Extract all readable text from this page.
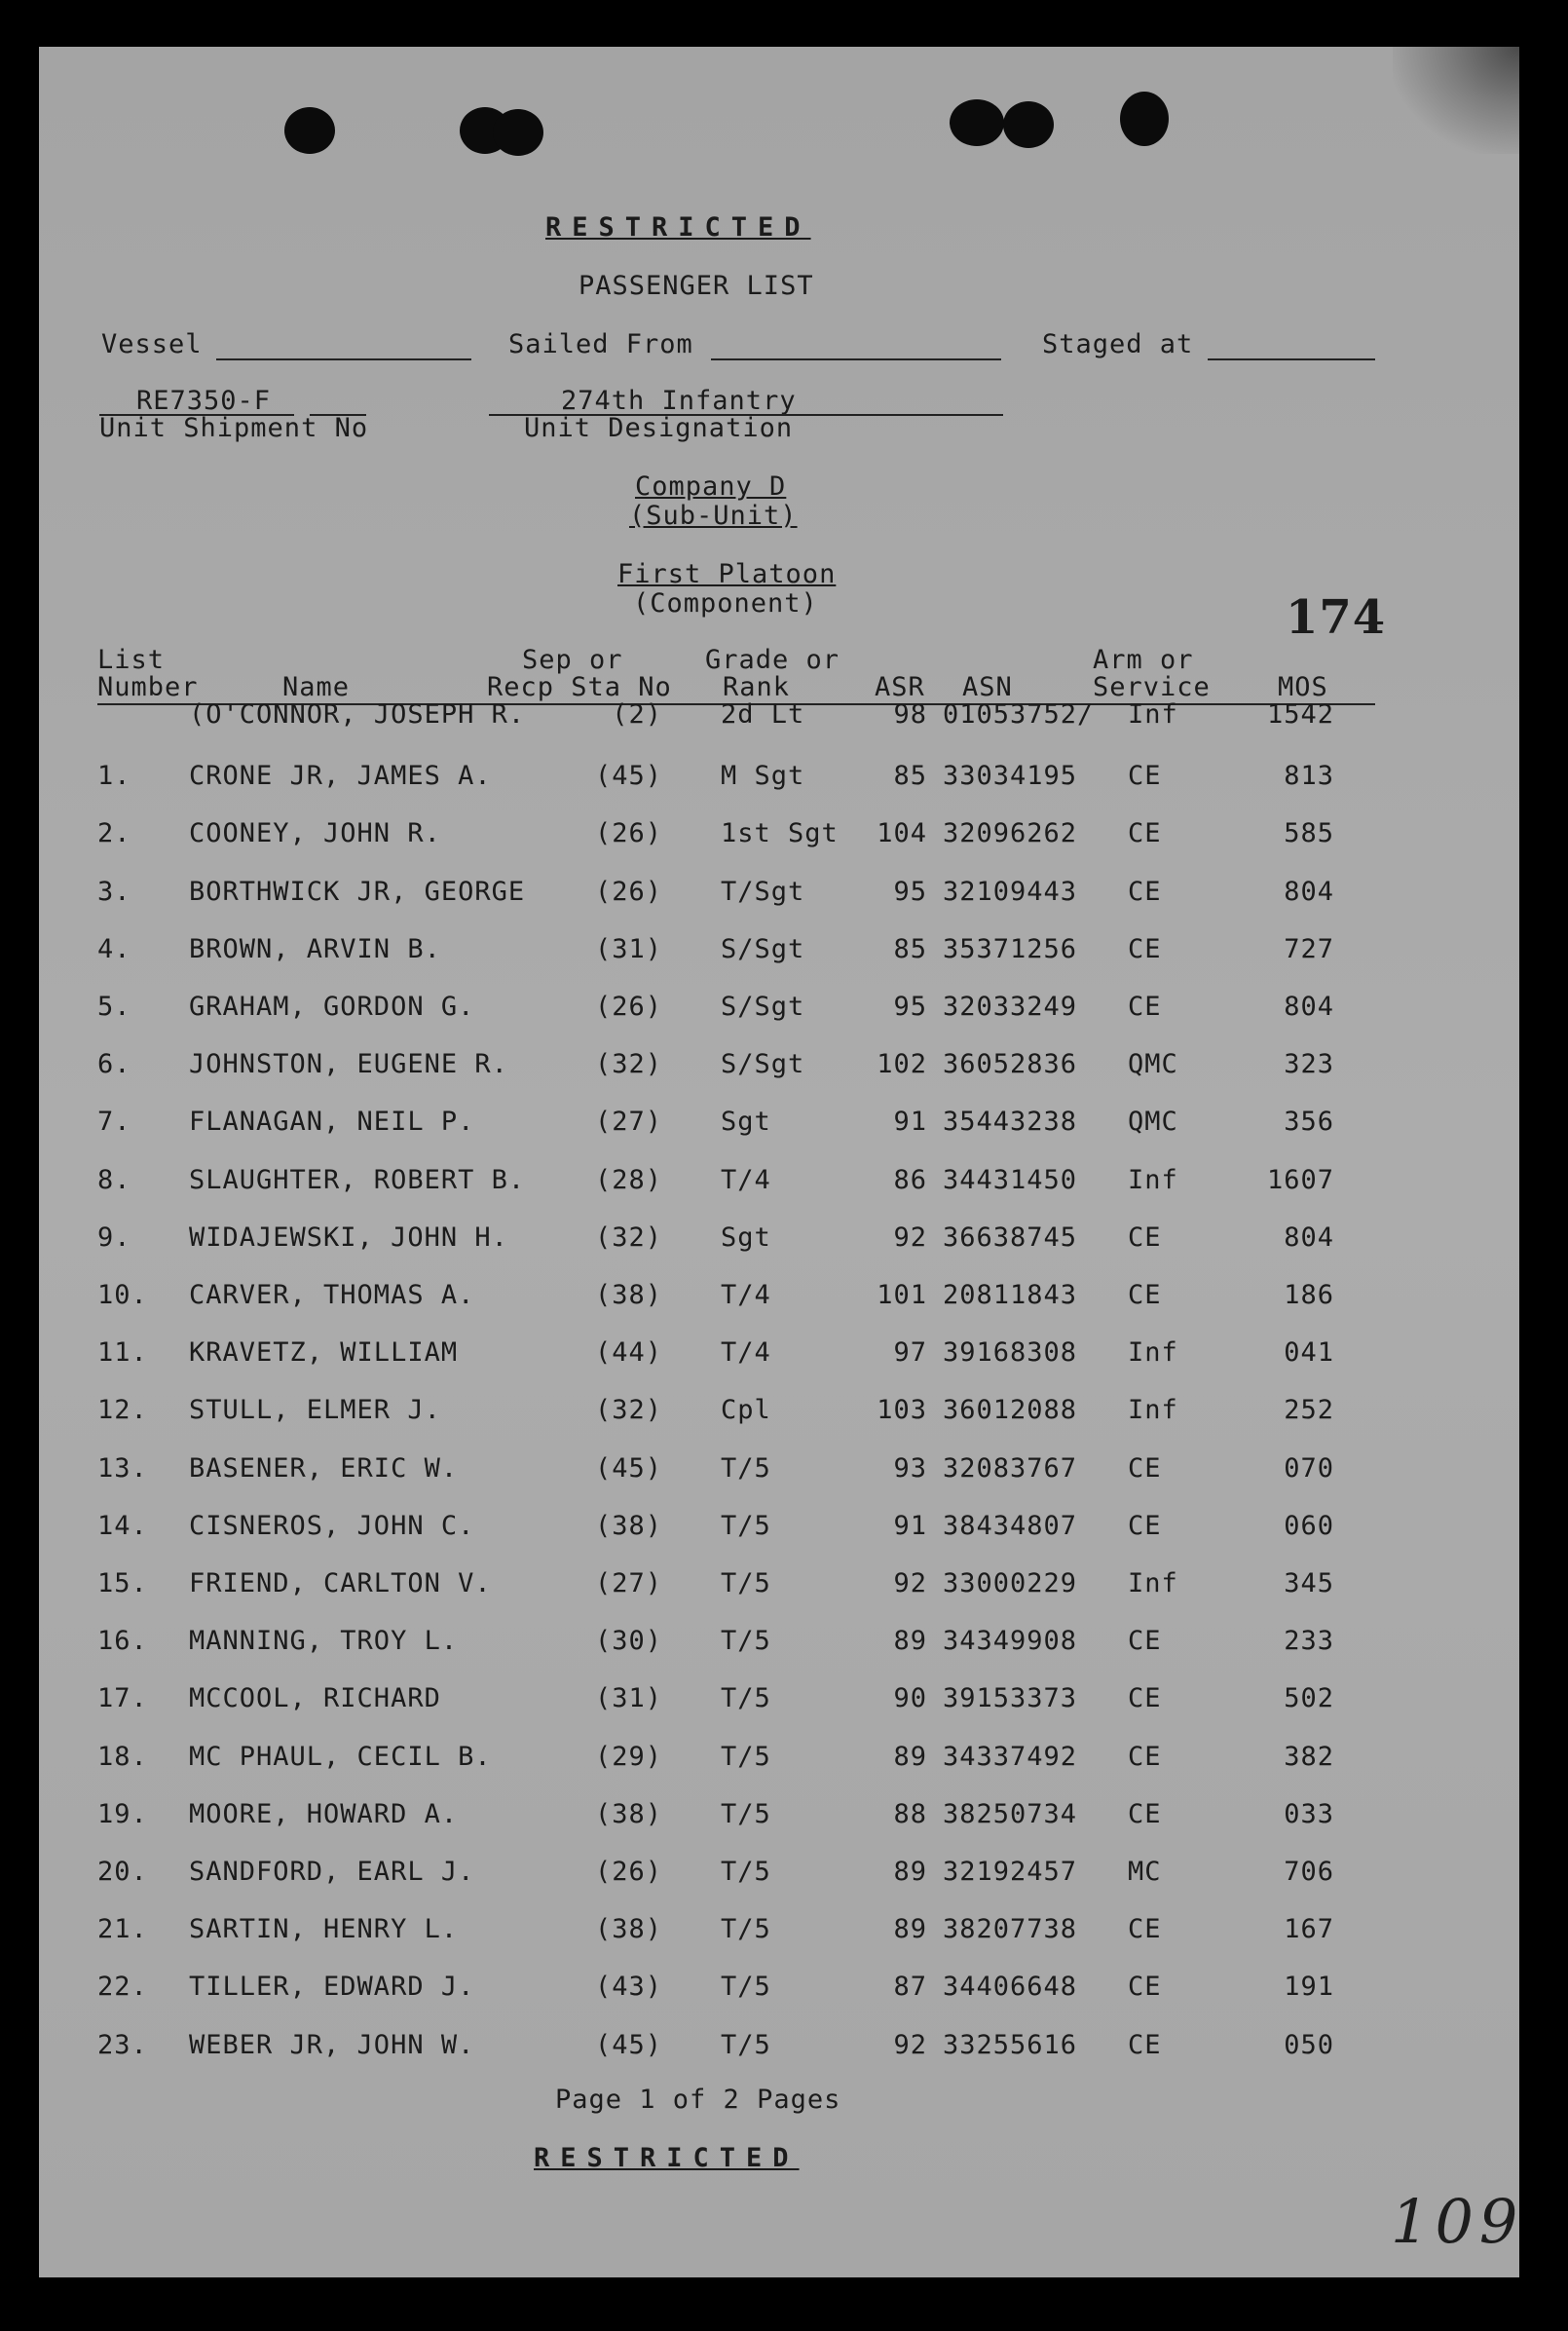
RESTRICTED
PASSENGER LIST
Vessel	Sailed From	Staged at
RE7350-F
Unit Shipment No
274th Infantry
Unit Designation
Company D
(Sub-Unit)
First Platoon
(Component)	174
List
Number	Name
Sep or
Recp Sta No
Grade or
Rank	ASR ASN
Arm or
Service	MOS
(O'CONNOR, JOSEPH R.	(2) 2d Lt	98 01053752/	Inf	1542
1.	CRONE JR, JAMES A.	(45) M Sgt	85 33034195	CE	813
2.	COONEY, JOHN R.	(26) 1st Sgt	104 32096262	CE	585
3.	BORTHWICK JR, GEORGE	(26) T/Sgt	95 32109443	CE	804
4.	BROWN, ARVIN B.	(31) S/Sgt	85 35371256	CE	727
5.	GRAHAM, GORDON G.	(26) S/Sgt	95 32033249	CE	804
6.	JOHNSTON, EUGENE R.	(32) S/Sgt	102 36052836	QMC	323
7.	FLANAGAN, NEIL P.	(27) Sgt	91 35443238	QMC	356
8.	SLAUGHTER, ROBERT B.	(28) T/4	86 34431450	Inf	1607
9.	WIDAJEWSKI, JOHN H.	(32) Sgt	92 36638745	CE	804
10.	CARVER, THOMAS A.	(38) T/4	101 20811843	CE	186
11.	KRAVETZ, WILLIAM	(44) T/4	97 39168308	Inf	041
12.	STULL, ELMER J.	(32) Cpl	103 36012088	Inf	252
13.	BASENER, ERIC W.	(45) T/5	93 32083767	CE	070
14.	CISNEROS, JOHN C.	(38) T/5	91 38434807	CE	060
15.	FRIEND, CARLTON V.	(27) T/5	92 33000229	Inf	345
16.	MANNING, TROY L.	(30) T/5	89 34349908	CE	233
17.	MCCOOL, RICHARD	(31) T/5	90 39153373	CE	502
18.	MC PHAUL, CECIL B.	(29) T/5	89 34337492	CE	382
19.	MOORE, HOWARD A.	(38) T/5	88 38250734	CE	033
20.	SANDFORD, EARL J.	(26) T/5	89 32192457	MC	706
21.	SARTIN, HENRY L.	(38) T/5	89 38207738	CE	167
22.	TILLER, EDWARD J.	(43) T/5	87 34406648	CE	191
23.	WEBER JR, JOHN W.	(45) T/5	92 33255616	CE	050
Page 1 of 2 Pages
RESTRICTED
109
